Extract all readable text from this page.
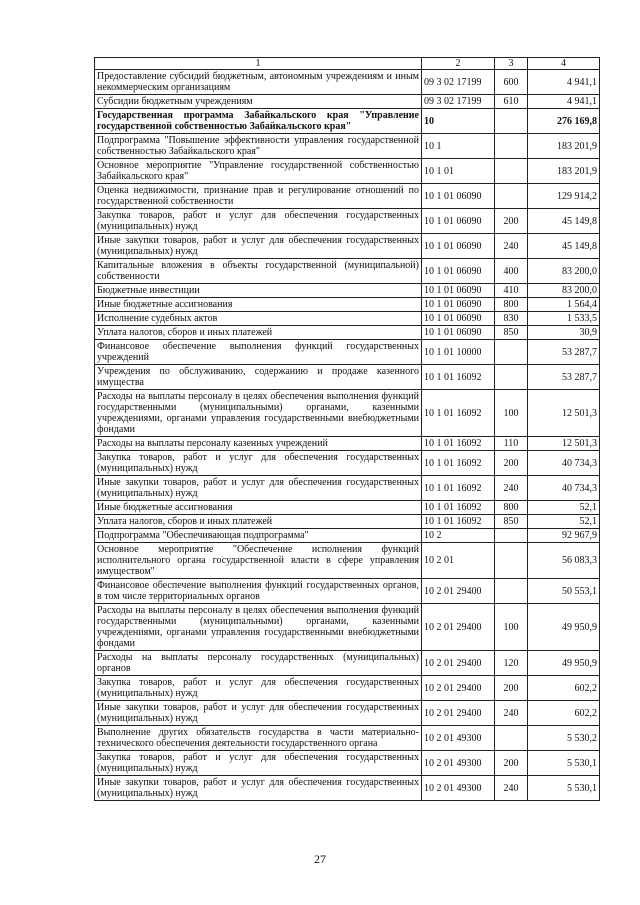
1	2	3	4
Предоставление субсидий бюджетным, автономным учреждениям и иным некоммерческим организациям	09 3 02 17199	600	4 941,1
Субсидии бюджетным учреждениям	09 3 02 17199	610	4 941,1
Государственная программа Забайкальского края "Управление государственной собственностью Забайкальского края"	10		276 169,8
Подпрограмма "Повышение эффективности управления государственной собственностью Забайкальского края"	10 1		183 201,9
Основное мероприятие "Управление государственной собственностью Забайкальского края"	10 1 01		183 201,9
Оценка недвижимости, признание прав и регулирование отношений по государственной собственности	10 1 01 06090		129 914,2
Закупка товаров, работ и услуг для обеспечения государственных (муниципальных) нужд	10 1 01 06090	200	45 149,8
Иные закупки товаров, работ и услуг для обеспечения государственных (муниципальных) нужд	10 1 01 06090	240	45 149,8
Капитальные вложения в объекты государственной (муниципальной) собственности	10 1 01 06090	400	83 200,0
Бюджетные инвестиции	10 1 01 06090	410	83 200,0
Иные бюджетные ассигнования	10 1 01 06090	800	1 564,4
Исполнение судебных актов	10 1 01 06090	830	1 533,5
Уплата налогов, сборов и иных платежей	10 1 01 06090	850	30,9
Финансовое обеспечение выполнения функций государственных учреждений	10 1 01 10000		53 287,7
Учреждения по обслуживанию, содержанию и продаже казенного имущества	10 1 01 16092		53 287,7
Расходы на выплаты персоналу в целях обеспечения выполнения функций государственными (муниципальными) органами, казенными учреждениями, органами управления государственными внебюджетными фондами	10 1 01 16092	100	12 501,3
Расходы на выплаты персоналу казенных учреждений	10 1 01 16092	110	12 501,3
Закупка товаров, работ и услуг для обеспечения государственных (муниципальных) нужд	10 1 01 16092	200	40 734,3
Иные закупки товаров, работ и услуг для обеспечения государственных (муниципальных) нужд	10 1 01 16092	240	40 734,3
Иные бюджетные ассигнования	10 1 01 16092	800	52,1
Уплата налогов, сборов и иных платежей	10 1 01 16092	850	52,1
Подпрограмма "Обеспечивающая подпрограмма"	10 2		92 967,9
Основное мероприятие "Обеспечение исполнения функций исполнительного органа государственной власти в сфере управления имуществом"	10 2 01		56 083,3
Финансовое обеспечение выполнения функций государственных органов, в том числе территориальных органов	10 2 01 29400		50 553,1
Расходы на выплаты персоналу в целях обеспечения выполнения функций государственными (муниципальными) органами, казенными учреждениями, органами управления государственными внебюджетными фондами	10 2 01 29400	100	49 950,9
Расходы на выплаты персоналу государственных (муниципальных) органов	10 2 01 29400	120	49 950,9
Закупка товаров, работ и услуг для обеспечения государственных (муниципальных) нужд	10 2 01 29400	200	602,2
Иные закупки товаров, работ и услуг для обеспечения государственных (муниципальных) нужд	10 2 01 29400	240	602,2
Выполнение других обязательств государства в части материально-технического обеспечения деятельности государственного органа	10 2 01 49300		5 530,2
Закупка товаров, работ и услуг для обеспечения государственных (муниципальных) нужд	10 2 01 49300	200	5 530,1
Иные закупки товаров, работ и услуг для обеспечения государственных (муниципальных) нужд	10 2 01 49300	240	5 530,1
27
